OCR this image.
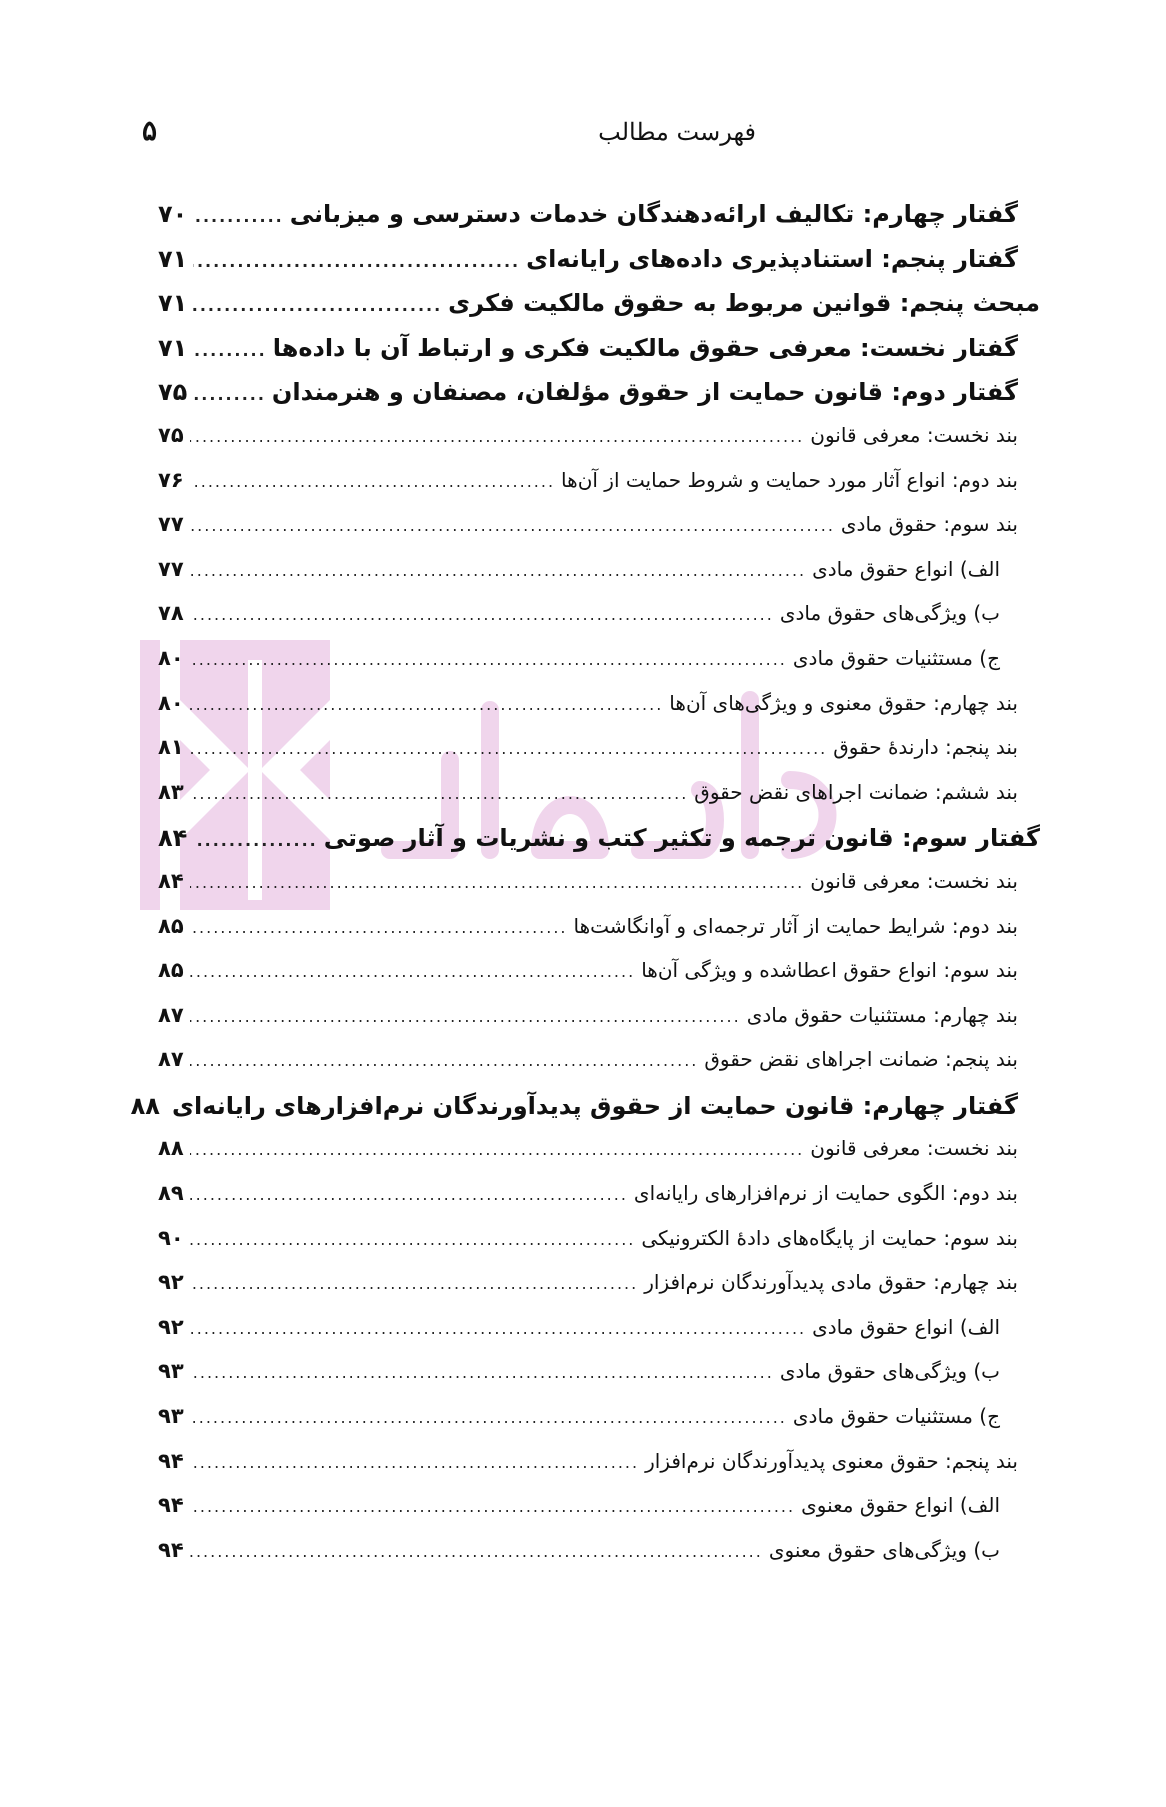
فهرست مطالب
۵
گفتار چهارم: تکالیف ارائه‌دهندگان خدمات دسترسی و میزبانی
.....
۷۰
گفتار پنجم: استنادپذیری داده‌های رایانه‌ای
.....
۷۱
مبحث پنجم: قوانین مربوط به حقوق مالکیت فکری
.....
۷۱
گفتار نخست: معرفی حقوق مالکیت فکری و ارتباط آن با داده‌ها
.....
۷۱
گفتار دوم: قانون حمایت از حقوق مؤلفان، مصنفان و هنرمندان
.....
۷۵
بند نخست: معرفی قانون
.....
۷۵
بند دوم: انواع آثار مورد حمایت و شروط حمایت از آن‌ها
.....
۷۶
بند سوم: حقوق مادی
.....
۷۷
الف) انواع حقوق مادی
.....
۷۷
ب) ویژگی‌های حقوق مادی
.....
۷۸
ج) مستثنیات حقوق مادی
.....
۸۰
بند چهارم: حقوق معنوی و ویژگی‌های آن‌ها
.....
۸۰
بند پنجم: دارندهٔ حقوق
.....
۸۱
بند ششم: ضمانت اجراهای نقض حقوق
.....
۸۳
گفتار سوم: قانون ترجمه و تکثیر کتب و نشریات و آثار صوتی
.....
۸۴
بند نخست: معرفی قانون
.....
۸۴
بند دوم: شرایط حمایت از آثار ترجمه‌ای و آوانگاشت‌ها
.....
۸۵
بند سوم: انواع حقوق اعطاشده و ویژگی آن‌ها
.....
۸۵
بند چهارم: مستثنیات حقوق مادی
.....
۸۷
بند پنجم: ضمانت اجراهای نقض حقوق
.....
۸۷
گفتار چهارم: قانون حمایت از حقوق پدیدآورندگان نرم‌افزارهای رایانه‌ای
۸۸
بند نخست: معرفی قانون
.....
۸۸
بند دوم: الگوی حمایت از نرم‌افزارهای رایانه‌ای
.....
۸۹
بند سوم: حمایت از پایگاه‌های دادهٔ الکترونیکی
.....
۹۰
بند چهارم: حقوق مادی پدیدآورندگان نرم‌افزار
.....
۹۲
الف) انواع حقوق مادی
.....
۹۲
ب) ویژگی‌های حقوق مادی
.....
۹۳
ج) مستثنیات حقوق مادی
.....
۹۳
بند پنجم: حقوق معنوی پدیدآورندگان نرم‌افزار
.....
۹۴
الف) انواع حقوق معنوی
.....
۹۴
ب) ویژگی‌های حقوق معنوی
.....
۹۴
